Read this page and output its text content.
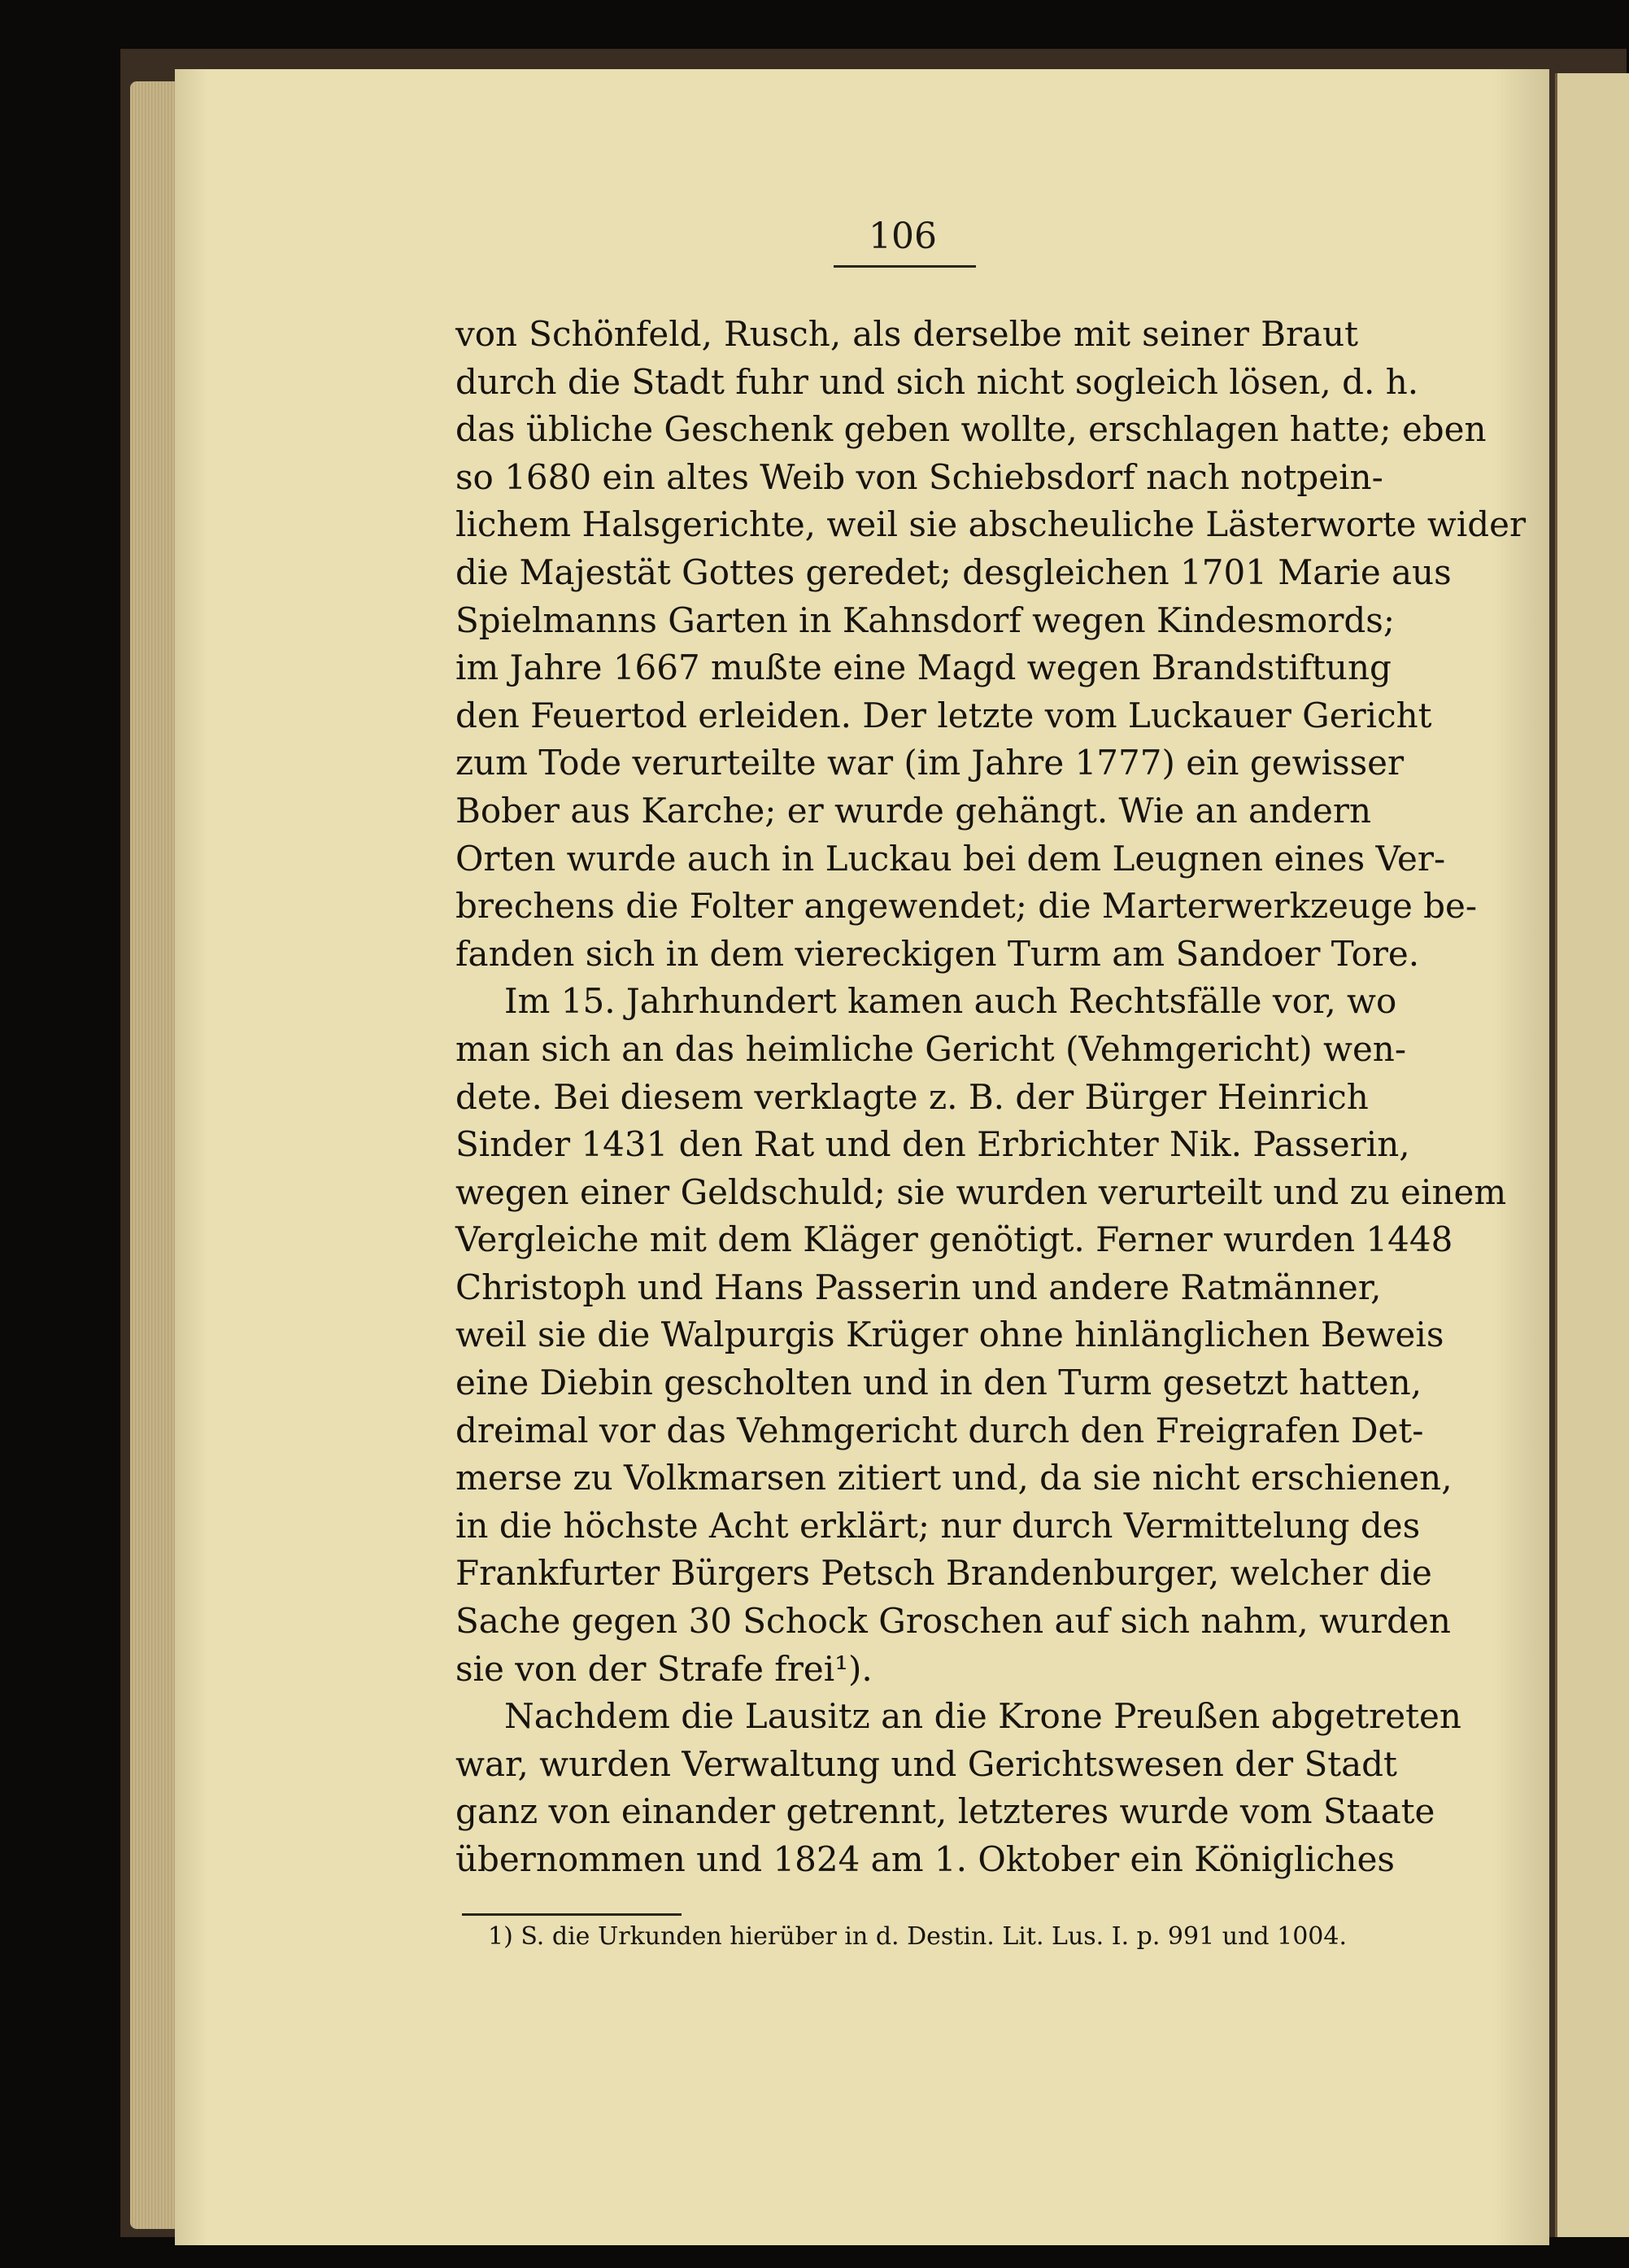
106
von Schönfeld, Rusch, als derselbe mit seiner Braut
durch die Stadt fuhr und sich nicht sogleich lösen, d. h.
das übliche Geschenk geben wollte, erschlagen hatte; eben
so 1680 ein altes Weib von Schiebsdorf nach notpein-
lichem Halsgerichte, weil sie abscheuliche Lästerworte wider
die Majestät Gottes geredet; desgleichen 1701 Marie aus
Spielmanns Garten in Kahnsdorf wegen Kindesmords;
im Jahre 1667 mußte eine Magd wegen Brandstiftung
den Feuertod erleiden. Der letzte vom Luckauer Gericht
zum Tode verurteilte war (im Jahre 1777) ein gewisser
Bober aus Karche; er wurde gehängt. Wie an andern
Orten wurde auch in Luckau bei dem Leugnen eines Ver-
brechens die Folter angewendet; die Marterwerkzeuge be-
fanden sich in dem viereckigen Turm am Sandoer Tore.
Im 15. Jahrhundert kamen auch Rechtsfälle vor, wo
man sich an das heimliche Gericht (Vehmgericht) wen-
dete. Bei diesem verklagte z. B. der Bürger Heinrich
Sinder 1431 den Rat und den Erbrichter Nik. Passerin,
wegen einer Geldschuld; sie wurden verurteilt und zu einem
Vergleiche mit dem Kläger genötigt. Ferner wurden 1448
Christoph und Hans Passerin und andere Ratmänner,
weil sie die Walpurgis Krüger ohne hinlänglichen Beweis
eine Diebin gescholten und in den Turm gesetzt hatten,
dreimal vor das Vehmgericht durch den Freigrafen Det-
merse zu Volkmarsen zitiert und, da sie nicht erschienen,
in die höchste Acht erklärt; nur durch Vermittelung des
Frankfurter Bürgers Petsch Brandenburger, welcher die
Sache gegen 30 Schock Groschen auf sich nahm, wurden
sie von der Strafe frei¹).
Nachdem die Lausitz an die Krone Preußen abgetreten
war, wurden Verwaltung und Gerichtswesen der Stadt
ganz von einander getrennt, letzteres wurde vom Staate
übernommen und 1824 am 1. Oktober ein Königliches
1) S. die Urkunden hierüber in d. Destin. Lit. Lus. I. p. 991 und 1004.
